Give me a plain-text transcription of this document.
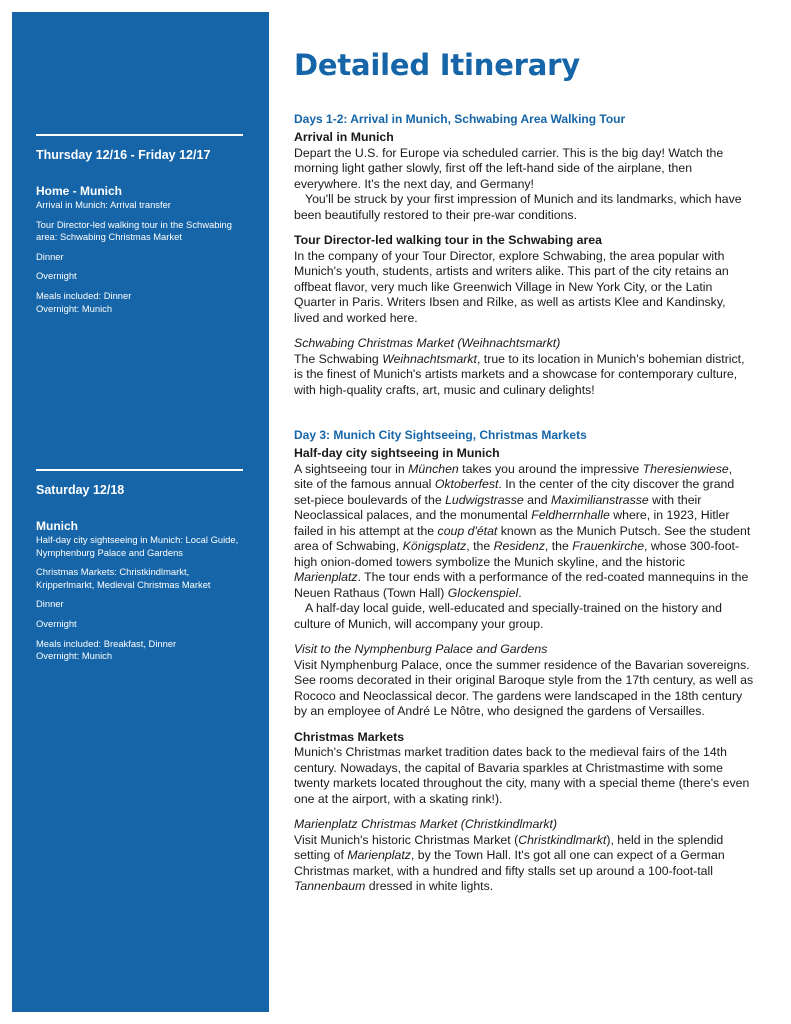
Thursday 12/16 - Friday 12/17
Home - Munich
Arrival in Munich: Arrival transfer
Tour Director-led walking tour in the Schwabing area: Schwabing Christmas Market
Dinner
Overnight
Meals included: Dinner
Overnight: Munich
Saturday 12/18
Munich
Half-day city sightseeing in Munich: Local Guide, Nymphenburg Palace and Gardens
Christmas Markets: Christkindlmarkt, Kripperlmarkt, Medieval Christmas Market
Dinner
Overnight
Meals included: Breakfast, Dinner
Overnight: Munich
Detailed Itinerary
Days 1-2: Arrival in Munich, Schwabing Area Walking Tour
Arrival in Munich

Depart the U.S. for Europe via scheduled carrier. This is the big day! Watch the morning light gather slowly, first off the left-hand side of the airplane, then everywhere. It's the next day, and Germany!

You'll be struck by your first impression of Munich and its landmarks, which have been beautifully restored to their pre-war conditions.

Tour Director-led walking tour in the Schwabing area

In the company of your Tour Director, explore Schwabing, the area popular with Munich's youth, students, artists and writers alike. This part of the city retains an offbeat flavor, very much like Greenwich Village in New York City, or the Latin Quarter in Paris. Writers Ibsen and Rilke, as well as artists Klee and Kandinsky, lived and worked here.

Schwabing Christmas Market (Weihnachtsmarkt)

The Schwabing Weihnachtsmarkt, true to its location in Munich's bohemian district, is the finest of Munich's artists markets and a showcase for contemporary culture, with high-quality crafts, art, music and culinary delights!

Day 3: Munich City Sightseeing, Christmas Markets
Half-day city sightseeing in Munich

A sightseeing tour in München takes you around the impressive Theresienwiese, site of the famous annual Oktoberfest. In the center of the city discover the grand set-piece boulevards of the Ludwigstrasse and Maximilianstrasse with their Neoclassical palaces, and the monumental Feldherrnhalle where, in 1923, Hitler failed in his attempt at the coup d'état known as the Munich Putsch. See the student area of Schwabing, Königsplatz, the Residenz, the Frauenkirche, whose 300-foot-high onion-domed towers symbolize the Munich skyline, and the historic Marienplatz. The tour ends with a performance of the red-coated mannequins in the Neuen Rathaus (Town Hall) Glockenspiel.

A half-day local guide, well-educated and specially-trained on the history and culture of Munich, will accompany your group.

Visit to the Nymphenburg Palace and Gardens

Visit Nymphenburg Palace, once the summer residence of the Bavarian sovereigns. See rooms decorated in their original Baroque style from the 17th century, as well as Rococo and Neoclassical decor. The gardens were landscaped in the 18th century by an employee of André Le Nôtre, who designed the gardens of Versailles.

Christmas Markets

Munich's Christmas market tradition dates back to the medieval fairs of the 14th century. Nowadays, the capital of Bavaria sparkles at Christmastime with some twenty markets located throughout the city, many with a special theme (there's even one at the airport, with a skating rink!).

Marienplatz Christmas Market (Christkindlmarkt)

Visit Munich's historic Christmas Market (Christkindlmarkt), held in the splendid setting of Marienplatz, by the Town Hall. It's got all one can expect of a German Christmas market, with a hundred and fifty stalls set up around a 100-foot-tall Tannenbaum dressed in white lights.
